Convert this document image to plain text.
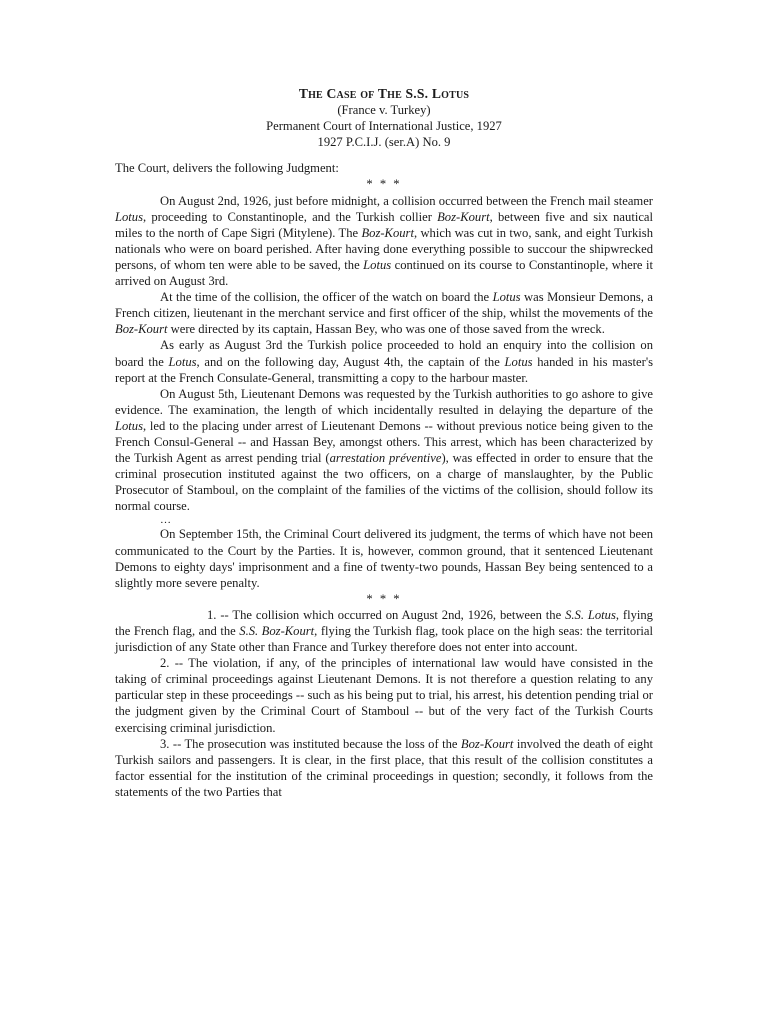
The Case of The S.S. Lotus
(France v. Turkey)
Permanent Court of International Justice, 1927
1927 P.C.I.J. (ser.A) No. 9
The Court, delivers the following Judgment:
* * *

On August 2nd, 1926, just before midnight, a collision occurred between the French mail steamer Lotus, proceeding to Constantinople, and the Turkish collier Boz-Kourt, between five and six nautical miles to the north of Cape Sigri (Mitylene). The Boz-Kourt, which was cut in two, sank, and eight Turkish nationals who were on board perished. After having done everything possible to succour the shipwrecked persons, of whom ten were able to be saved, the Lotus continued on its course to Constantinople, where it arrived on August 3rd.

At the time of the collision, the officer of the watch on board the Lotus was Monsieur Demons, a French citizen, lieutenant in the merchant service and first officer of the ship, whilst the movements of the Boz-Kourt were directed by its captain, Hassan Bey, who was one of those saved from the wreck.

As early as August 3rd the Turkish police proceeded to hold an enquiry into the collision on board the Lotus, and on the following day, August 4th, the captain of the Lotus handed in his master's report at the French Consulate-General, transmitting a copy to the harbour master.

On August 5th, Lieutenant Demons was requested by the Turkish authorities to go ashore to give evidence. The examination, the length of which incidentally resulted in delaying the departure of the Lotus, led to the placing under arrest of Lieutenant Demons -- without previous notice being given to the French Consul-General -- and Hassan Bey, amongst others. This arrest, which has been characterized by the Turkish Agent as arrest pending trial (arrestation préventive), was effected in order to ensure that the criminal prosecution instituted against the two officers, on a charge of manslaughter, by the Public Prosecutor of Stamboul, on the complaint of the families of the victims of the collision, should follow its normal course.

…

On September 15th, the Criminal Court delivered its judgment, the terms of which have not been communicated to the Court by the Parties. It is, however, common ground, that it sentenced Lieutenant Demons to eighty days' imprisonment and a fine of twenty-two pounds, Hassan Bey being sentenced to a slightly more severe penalty.

* * *

1. -- The collision which occurred on August 2nd, 1926, between the S.S. Lotus, flying the French flag, and the S.S. Boz-Kourt, flying the Turkish flag, took place on the high seas: the territorial jurisdiction of any State other than France and Turkey therefore does not enter into account.

2. -- The violation, if any, of the principles of international law would have consisted in the taking of criminal proceedings against Lieutenant Demons. It is not therefore a question relating to any particular step in these proceedings -- such as his being put to trial, his arrest, his detention pending trial or the judgment given by the Criminal Court of Stamboul -- but of the very fact of the Turkish Courts exercising criminal jurisdiction.

3. -- The prosecution was instituted because the loss of the Boz-Kourt involved the death of eight Turkish sailors and passengers. It is clear, in the first place, that this result of the collision constitutes a factor essential for the institution of the criminal proceedings in question; secondly, it follows from the statements of the two Parties that
